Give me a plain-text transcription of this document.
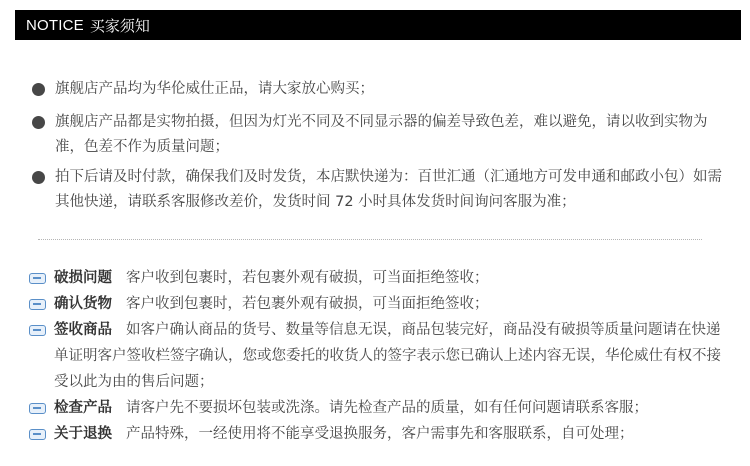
NOTICE 买家须知
旗舰店产品均为华伦威仕正品，请大家放心购买；
旗舰店产品都是实物拍摄，但因为灯光不同及不同显示器的偏差导致色差，难以避免，请以收到实物为准，色差不作为质量问题；
拍下后请及时付款，确保我们及时发货，本店默快递为：百世汇通（汇通地方可发申通和邮政小包）如需其他快递，请联系客服修改差价，发货时间 72 小时具体发货时间询问客服为准；
破损问题 客户收到包裹时，若包裹外观有破损，可当面拒绝签收；
确认货物 客户收到包裹时，若包裹外观有破损，可当面拒绝签收；
签收商品 如客户确认商品的货号、数量等信息无误，商品包装完好，商品没有破损等质量问题请在快递单证明客户签收栏签字确认，您或您委托的收货人的签字表示您已确认上述内容无误，华伦威仕有权不接受以此为由的售后问题；
检查产品 请客户先不要损坏包装或洗涤。请先检查产品的质量，如有任何问题请联系客服；
关于退换 产品特殊，一经使用将不能享受退换服务，客户需事先和客服联系，自可处理；
